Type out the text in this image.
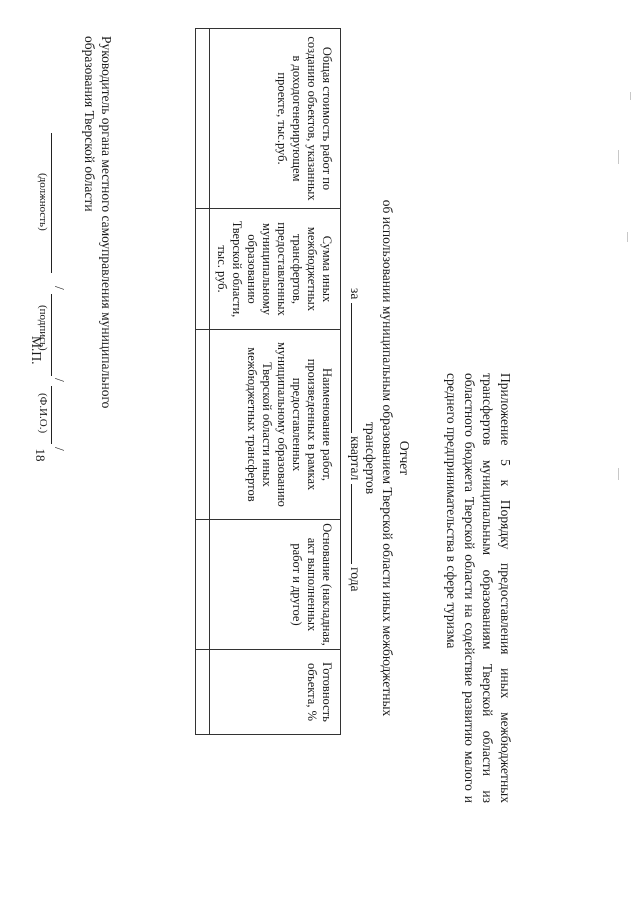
18	Приложение 5 к Порядку предоставления иных межбюджетных трансфертов муниципальным образованиям Тверской области из областного бюджета Тверской области на содействие развитию малого и среднего предпринимательства в сфере туризма
Отчет
об использовании муниципальным образованием Тверской области иных межбюджетных трансфертов
за  квартал  года
Общая стоимость работ по созданию объектов, указанных в доходогенерирующем проекте, тыс.руб.	Сумма иных межбюджетных трансфертов, предоставленных муниципальному образованию Тверской области, тыс. руб.	Наименование работ, произведенных в рамках предоставленных муниципальному образованию Тверской области иных межбюджетных трансфертов	Основание (накладная, акт выполненных работ и другое)	Готовность объекта, %

Руководитель органа местного самоуправления муниципального образования Тверской области
(должность)
/
(подпись)
/
/
(Ф.И.О.)
М.П.
